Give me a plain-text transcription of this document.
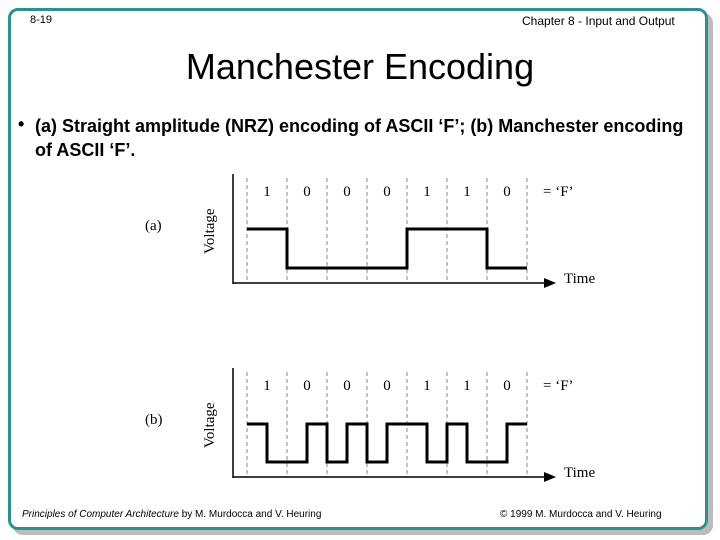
8-19	Chapter 8 - Input and Output
Manchester Encoding
• (a) Straight amplitude (NRZ) encoding of ASCII ‘F’; (b) Manchester encoding of ASCII ‘F’.
(a)	Voltage
Time
1 0 0 0 1 1 0 = ‘F’
(b)	Voltage
Time
1 0 0 0 1 1 0 = ‘F’
Principles of Computer Architecture by M. Murdocca and V. Heuring	© 1999 M. Murdocca and V. Heuring
